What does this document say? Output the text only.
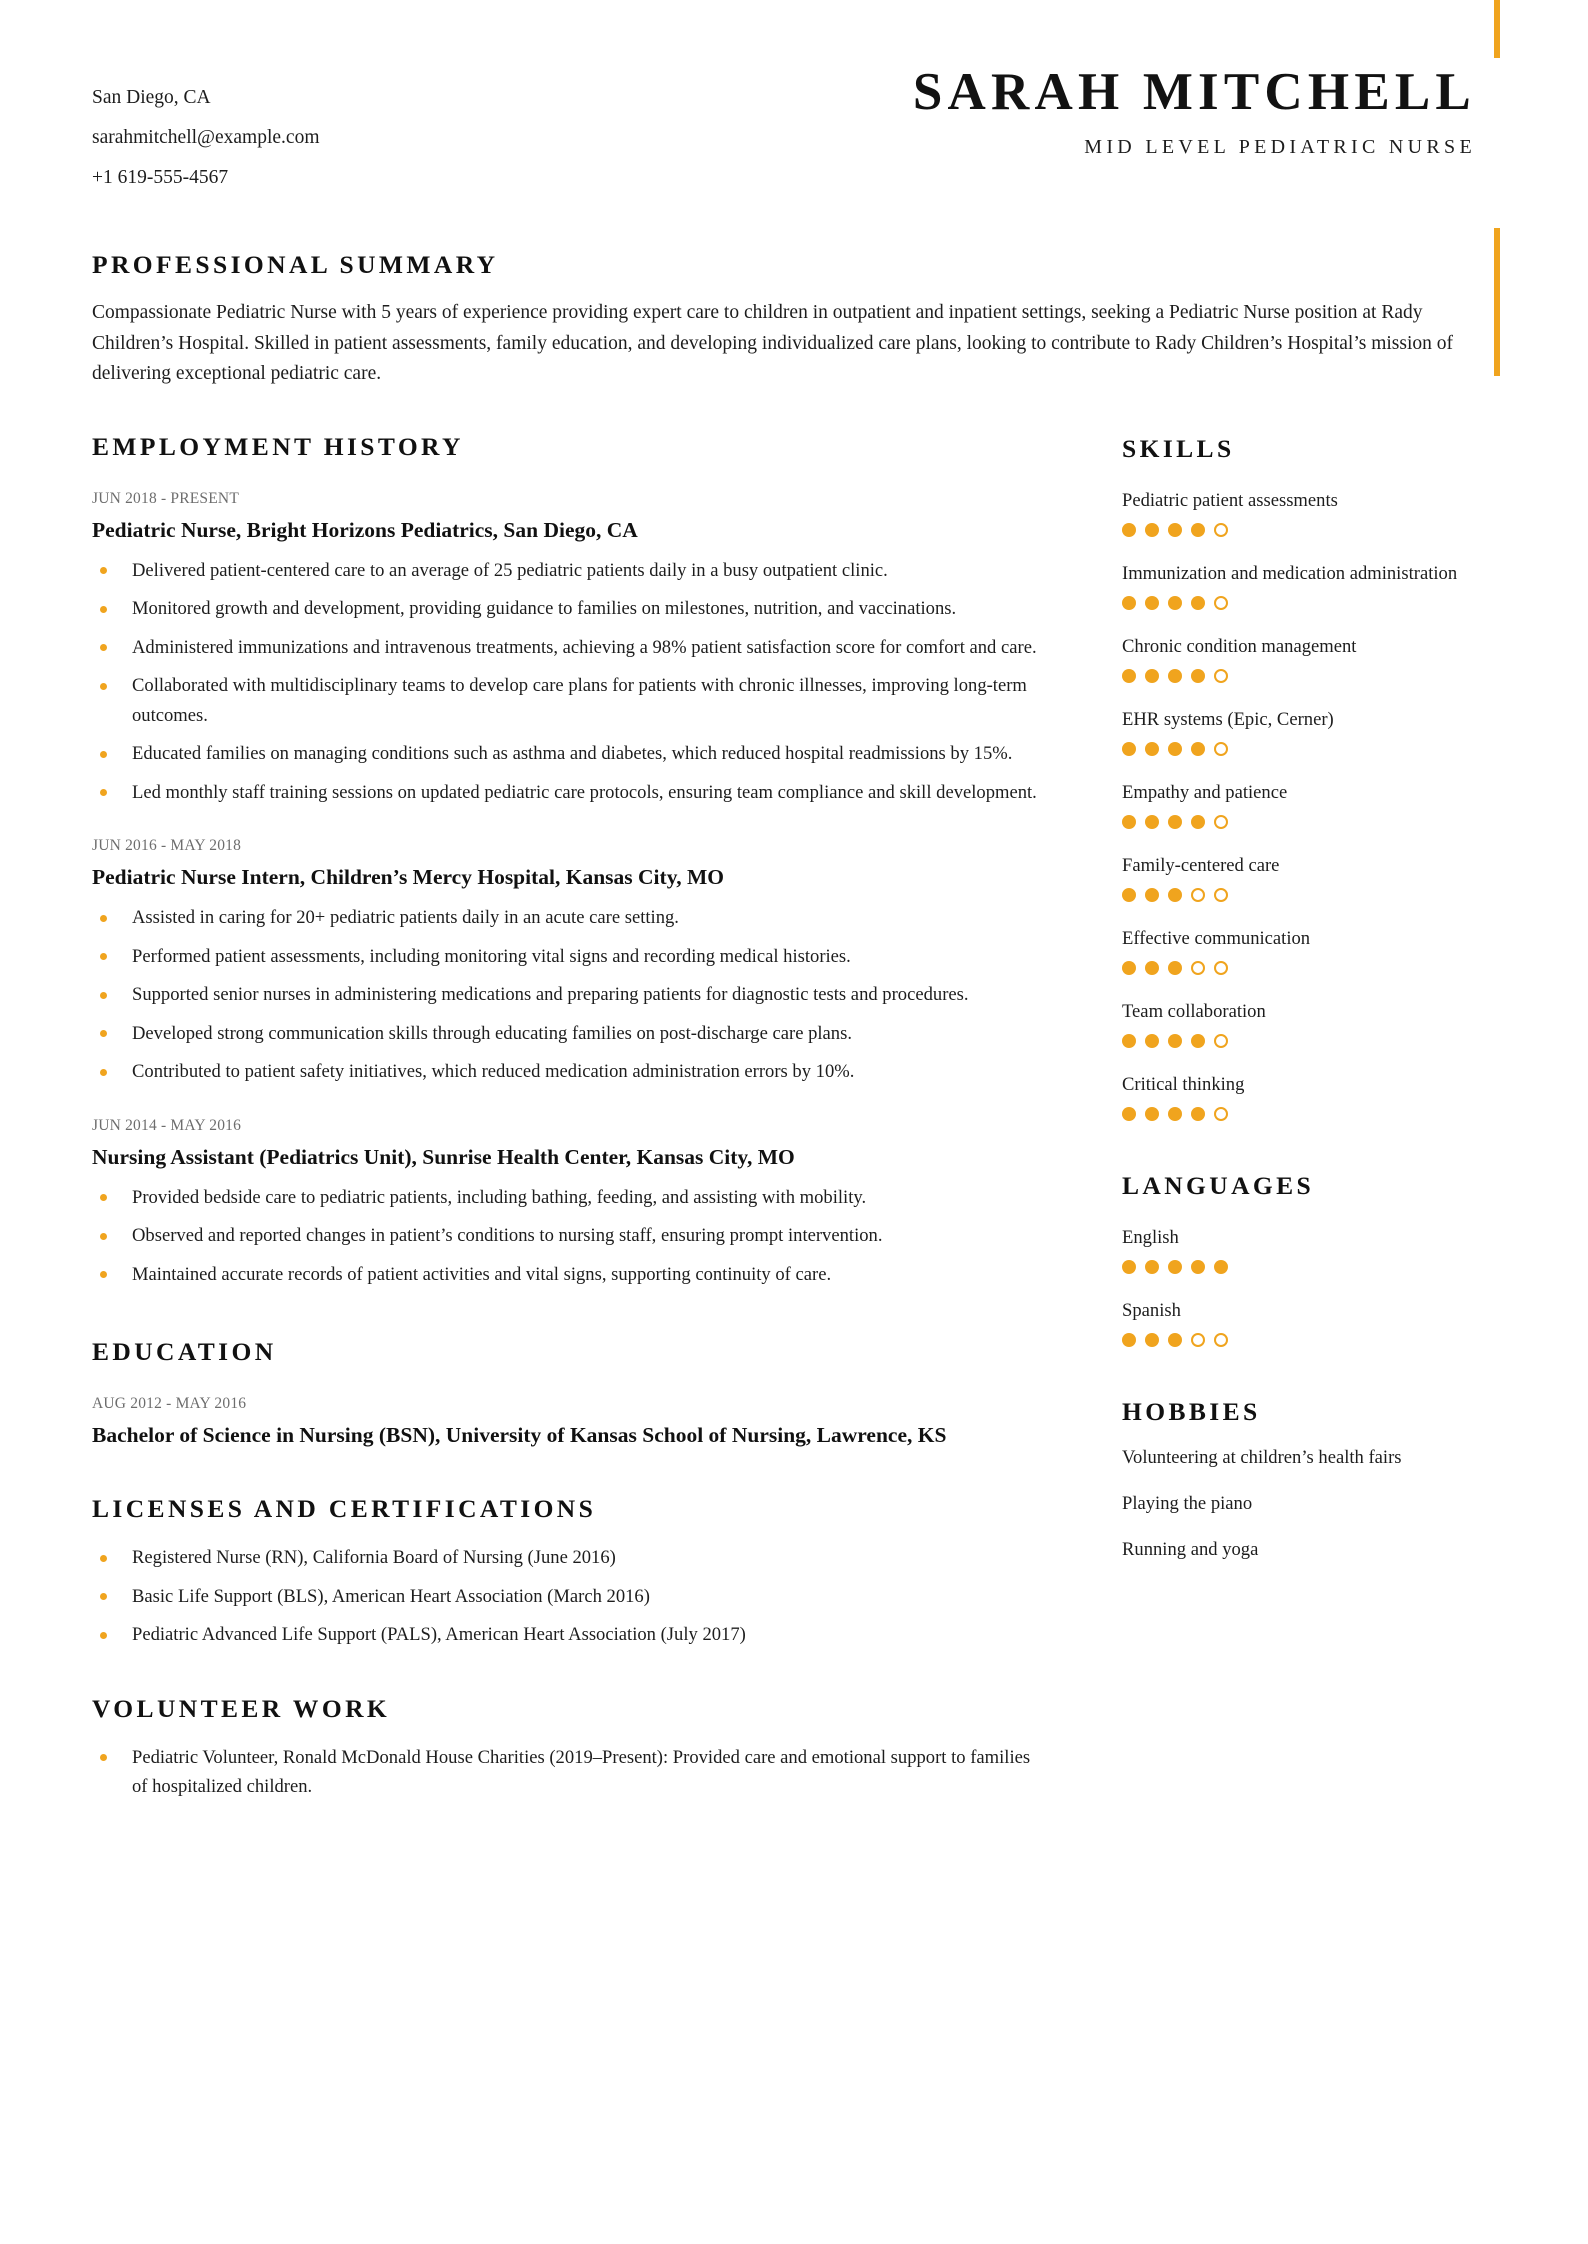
San Diego, CA
sarahmitchell@example.com
+1 619-555-4567
SARAH MITCHELL
MID LEVEL PEDIATRIC NURSE
PROFESSIONAL SUMMARY
Compassionate Pediatric Nurse with 5 years of experience providing expert care to children in outpatient and inpatient settings, seeking a Pediatric Nurse position at Rady Children’s Hospital. Skilled in patient assessments, family education, and developing individualized care plans, looking to contribute to Rady Children’s Hospital’s mission of delivering exceptional pediatric care.
EMPLOYMENT HISTORY
JUN 2018 - PRESENT
Pediatric Nurse, Bright Horizons Pediatrics, San Diego, CA
Delivered patient-centered care to an average of 25 pediatric patients daily in a busy outpatient clinic.
Monitored growth and development, providing guidance to families on milestones, nutrition, and vaccinations.
Administered immunizations and intravenous treatments, achieving a 98% patient satisfaction score for comfort and care.
Collaborated with multidisciplinary teams to develop care plans for patients with chronic illnesses, improving long-term outcomes.
Educated families on managing conditions such as asthma and diabetes, which reduced hospital readmissions by 15%.
Led monthly staff training sessions on updated pediatric care protocols, ensuring team compliance and skill development.
JUN 2016 - MAY 2018
Pediatric Nurse Intern, Children’s Mercy Hospital, Kansas City, MO
Assisted in caring for 20+ pediatric patients daily in an acute care setting.
Performed patient assessments, including monitoring vital signs and recording medical histories.
Supported senior nurses in administering medications and preparing patients for diagnostic tests and procedures.
Developed strong communication skills through educating families on post-discharge care plans.
Contributed to patient safety initiatives, which reduced medication administration errors by 10%.
JUN 2014 - MAY 2016
Nursing Assistant (Pediatrics Unit), Sunrise Health Center, Kansas City, MO
Provided bedside care to pediatric patients, including bathing, feeding, and assisting with mobility.
Observed and reported changes in patient’s conditions to nursing staff, ensuring prompt intervention.
Maintained accurate records of patient activities and vital signs, supporting continuity of care.
EDUCATION
AUG 2012 - MAY 2016
Bachelor of Science in Nursing (BSN), University of Kansas School of Nursing, Lawrence, KS
LICENSES AND CERTIFICATIONS
Registered Nurse (RN), California Board of Nursing (June 2016)
Basic Life Support (BLS), American Heart Association (March 2016)
Pediatric Advanced Life Support (PALS), American Heart Association (July 2017)
VOLUNTEER WORK
Pediatric Volunteer, Ronald McDonald House Charities (2019–Present): Provided care and emotional support to families of hospitalized children.
SKILLS
Pediatric patient assessments
Immunization and medication administration
Chronic condition management
EHR systems (Epic, Cerner)
Empathy and patience
Family-centered care
Effective communication
Team collaboration
Critical thinking
LANGUAGES
English
Spanish
HOBBIES
Volunteering at children’s health fairs
Playing the piano
Running and yoga
